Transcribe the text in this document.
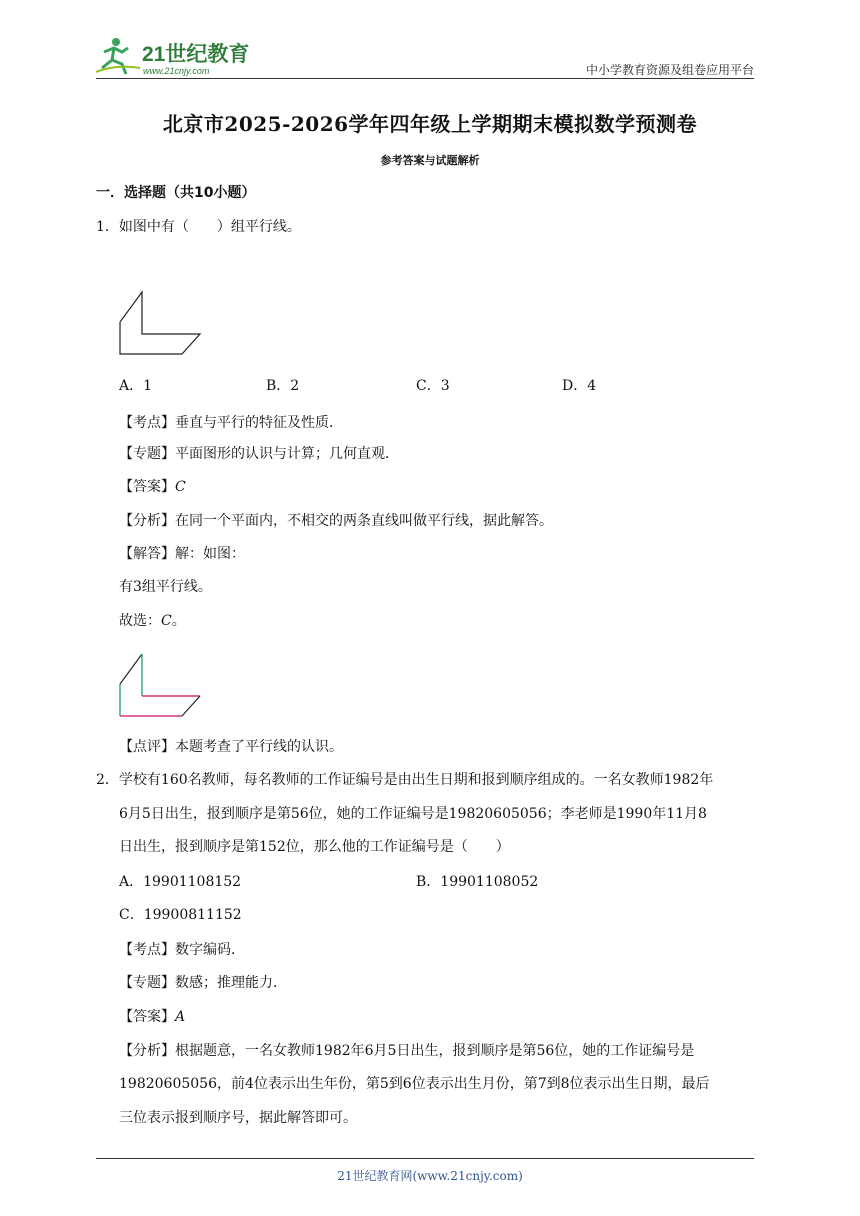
21世纪教育
www.21cnjy.com	中小学教育资源及组卷应用平台
北京市2025-2026学年四年级上学期期末模拟数学预测卷
参考答案与试题解析
一．选择题（共10小题）
1．如图中有（　　）组平行线。
A．1	B．2	C．3	D．4
【考点】垂直与平行的特征及性质．
【专题】平面图形的认识与计算；几何直观．
【答案】C
【分析】在同一个平面内，不相交的两条直线叫做平行线，据此解答。
【解答】解：如图：
有3组平行线。
故选：C。
【点评】本题考查了平行线的认识。
2．学校有160名教师，每名教师的工作证编号是由出生日期和报到顺序组成的。一名女教师1982年
6月5日出生，报到顺序是第56位，她的工作证编号是19820605056；李老师是1990年11月8
日出生，报到顺序是第152位，那么他的工作证编号是（　　）
A．19901108152	B．19901108052
C．19900811152
【考点】数字编码．
【专题】数感；推理能力．
【答案】A
【分析】根据题意，一名女教师1982年6月5日出生，报到顺序是第56位，她的工作证编号是
19820605056，前4位表示出生年份，第5到6位表示出生月份，第7到8位表示出生日期，最后
三位表示报到顺序号，据此解答即可。
21世纪教育网(www.21cnjy.com)
